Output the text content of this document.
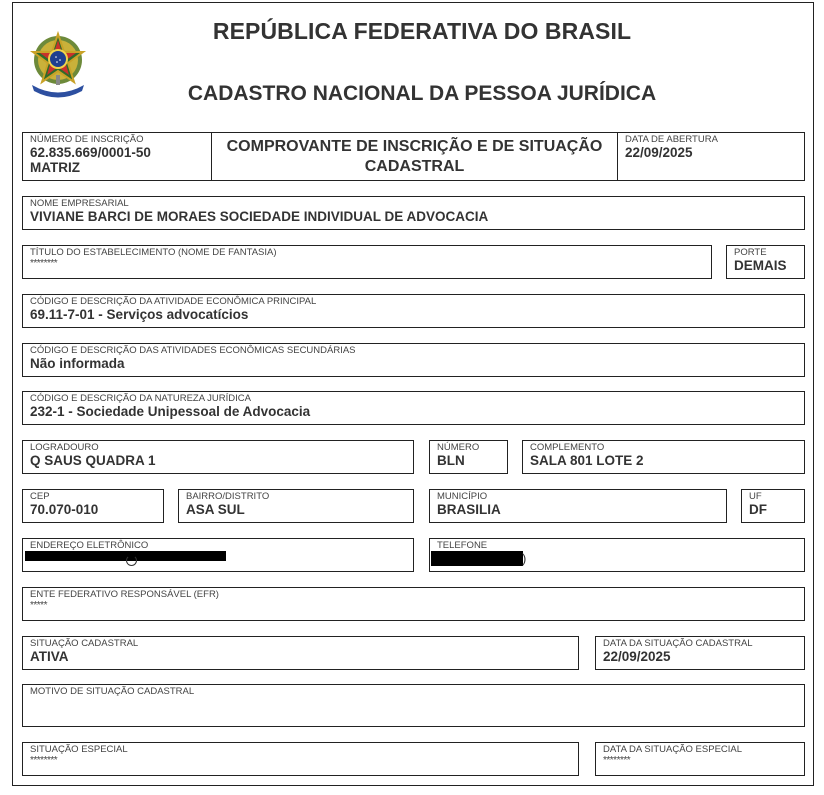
REPÚBLICA FEDERATIVA DO BRASIL
CADASTRO NACIONAL DA PESSOA JURÍDICA
NÚMERO DE INSCRIÇÃO
62.835.669/0001-50
MATRIZ
COMPROVANTE DE INSCRIÇÃO E DE SITUAÇÃO CADASTRAL
DATA DE ABERTURA
22/09/2025
NOME EMPRESARIAL
VIVIANE BARCI DE MORAES SOCIEDADE INDIVIDUAL DE ADVOCACIA
TÍTULO DO ESTABELECIMENTO (NOME DE FANTASIA)
********
PORTE
DEMAIS
CÓDIGO E DESCRIÇÃO DA ATIVIDADE ECONÔMICA PRINCIPAL
69.11-7-01 - Serviços advocatícios
CÓDIGO E DESCRIÇÃO DAS ATIVIDADES ECONÔMICAS SECUNDÁRIAS
Não informada
CÓDIGO E DESCRIÇÃO DA NATUREZA JURÍDICA
232-1 - Sociedade Unipessoal de Advocacia
LOGRADOURO
Q SAUS QUADRA 1
NÚMERO
BLN
COMPLEMENTO
SALA 801 LOTE 2
CEP
70.070-010
BAIRRO/DISTRITO
ASA SUL
MUNICÍPIO
BRASILIA
UF
DF
ENDEREÇO ELETRÔNICO	TELEFONE
)
ENTE FEDERATIVO RESPONSÁVEL (EFR)
*****
SITUAÇÃO CADASTRAL
ATIVA
DATA DA SITUAÇÃO CADASTRAL
22/09/2025
MOTIVO DE SITUAÇÃO CADASTRAL
SITUAÇÃO ESPECIAL
********
DATA DA SITUAÇÃO ESPECIAL
********
